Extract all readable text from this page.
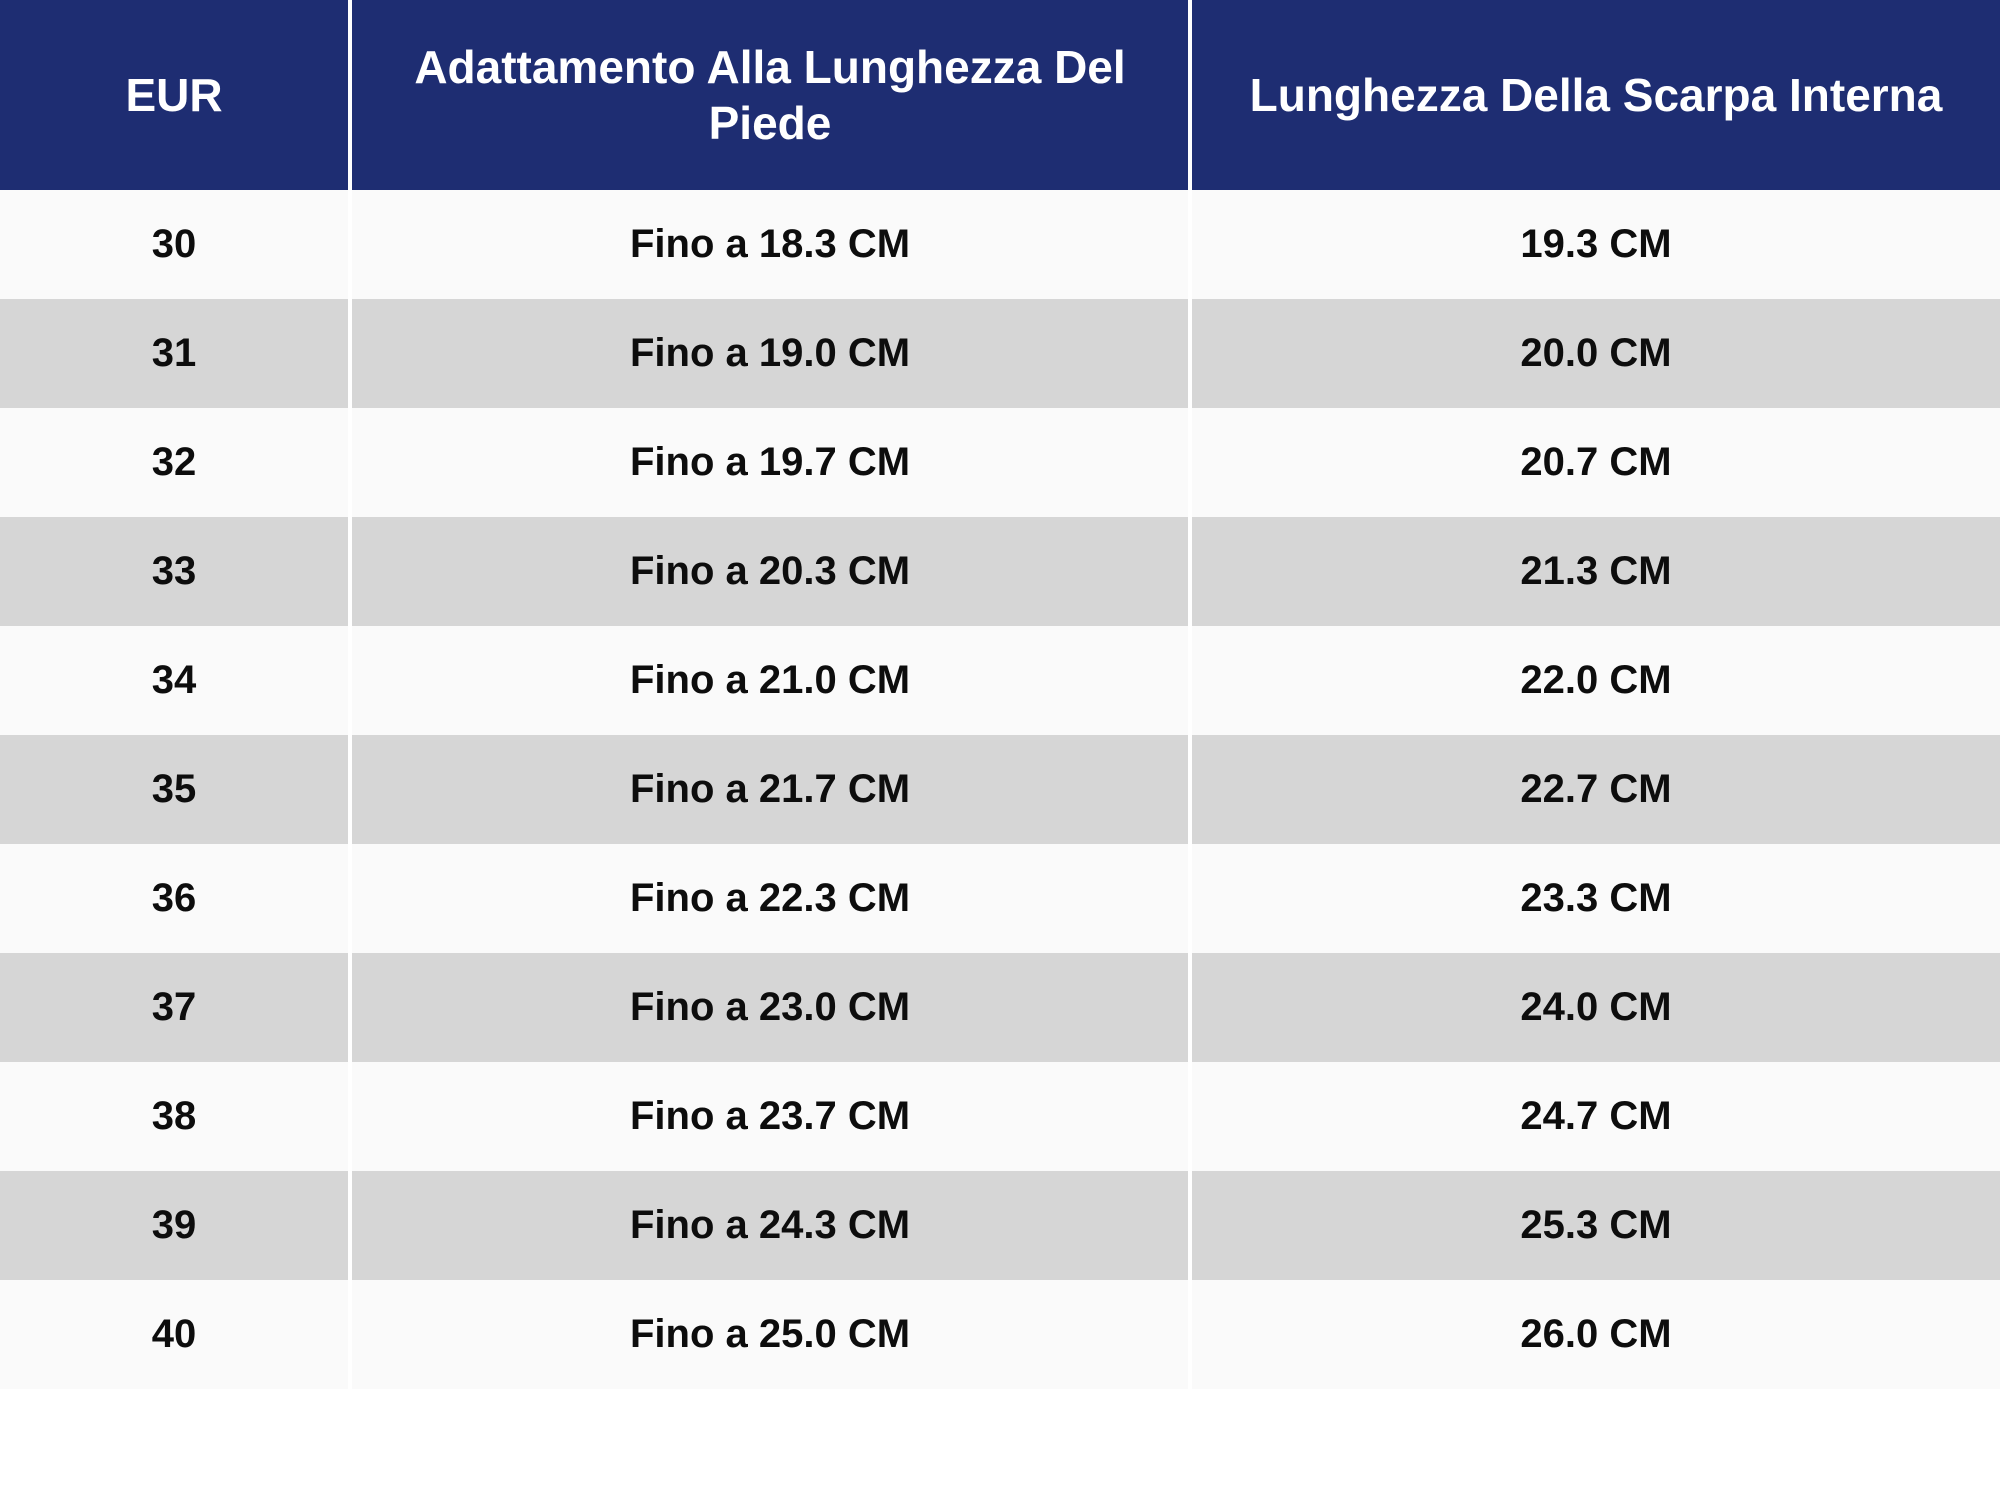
EUR	Adattamento Alla Lunghezza Del Piede	Lunghezza Della Scarpa Interna
30	Fino a 18.3 CM	19.3 CM
31	Fino a 19.0 CM	20.0 CM
32	Fino a 19.7 CM	20.7 CM
33	Fino a 20.3 CM	21.3 CM
34	Fino a 21.0 CM	22.0 CM
35	Fino a 21.7 CM	22.7 CM
36	Fino a 22.3 CM	23.3 CM
37	Fino a 23.0 CM	24.0 CM
38	Fino a 23.7 CM	24.7 CM
39	Fino a 24.3 CM	25.3 CM
40	Fino a 25.0 CM	26.0 CM
